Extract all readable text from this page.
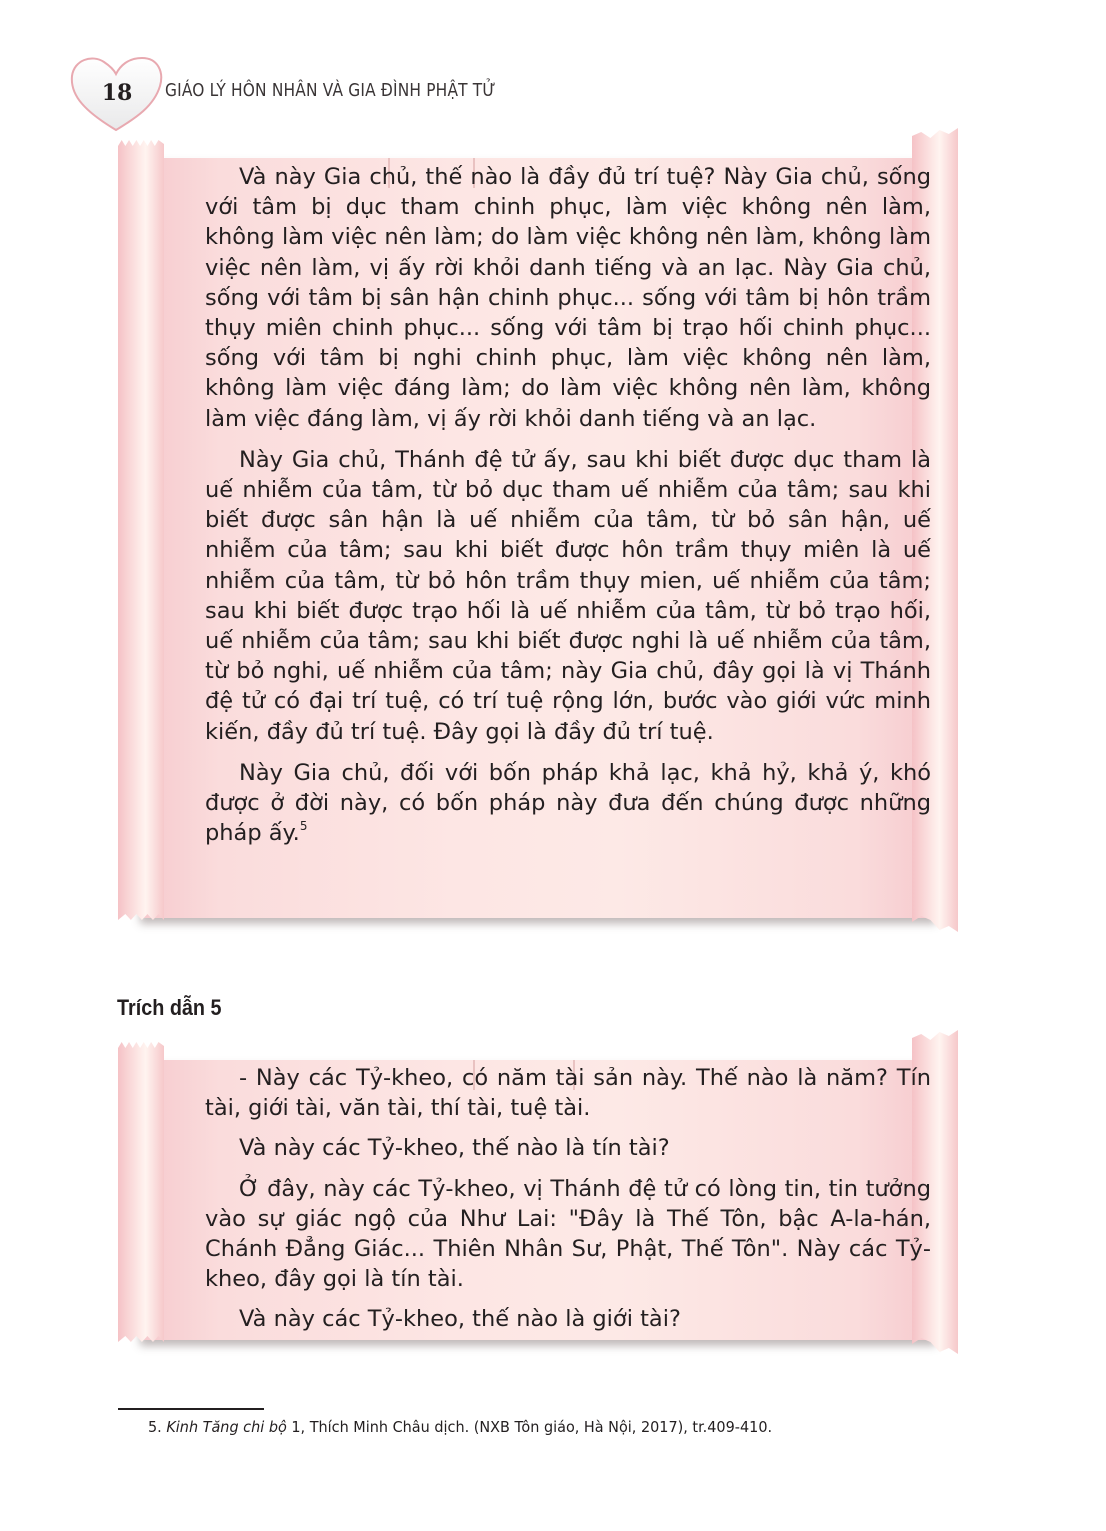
18 GIÁO LÝ HÔN NHÂN VÀ GIA ĐÌNH PHẬT TỬ

Và này Gia chủ, thế nào là đầy đủ trí tuệ? Này Gia chủ, sống với tâm bị dục tham chinh phục, làm việc không nên làm, không làm việc nên làm; do làm việc không nên làm, không làm việc nên làm, vị ấy rời khỏi danh tiếng và an lạc. Này Gia chủ, sống với tâm bị sân hận chinh phục... sống với tâm bị hôn trầm thụy miên chinh phục... sống với tâm bị trạo hối chinh phục... sống với tâm bị nghi chinh phục, làm việc không nên làm, không làm việc đáng làm; do làm việc không nên làm, không làm việc đáng làm, vị ấy rời khỏi danh tiếng và an lạc.

Này Gia chủ, Thánh đệ tử ấy, sau khi biết được dục tham là uế nhiễm của tâm, từ bỏ dục tham uế nhiễm của tâm; sau khi biết được sân hận là uế nhiễm của tâm, từ bỏ sân hận, uế nhiễm của tâm; sau khi biết được hôn trầm thụy miên là uế nhiễm của tâm, từ bỏ hôn trầm thụy mien, uế nhiễm của tâm; sau khi biết được trạo hối là uế nhiễm của tâm, từ bỏ trạo hối, uế nhiễm của tâm; sau khi biết được nghi là uế nhiễm của tâm, từ bỏ nghi, uế nhiễm của tâm; này Gia chủ, đây gọi là vị Thánh đệ tử có đại trí tuệ, có trí tuệ rộng lớn, bước vào giới vức minh kiến, đầy đủ trí tuệ. Đây gọi là đầy đủ trí tuệ.

Này Gia chủ, đối với bốn pháp khả lạc, khả hỷ, khả ý, khó được ở đời này, có bốn pháp này đưa đến chúng được những pháp ấy.$^5$

Trích dẫn 5

- Này các Tỷ-kheo, có năm tài sản này. Thế nào là năm? Tín tài, giới tài, văn tài, thí tài, tuệ tài.

Và này các Tỷ-kheo, thế nào là tín tài?

Ở đây, này các Tỷ-kheo, vị Thánh đệ tử có lòng tin, tin tưởng vào sự giác ngộ của Như Lai: "Đây là Thế Tôn, bậc A-la-hán, Chánh Đẳng Giác... Thiên Nhân Sư, Phật, Thế Tôn". Này các Tỷ-kheo, đây gọi là tín tài.

Và này các Tỷ-kheo, thế nào là giới tài?

5. Kinh Tăng chi bộ 1, Thích Minh Châu dịch. (NXB Tôn giáo, Hà Nội, 2017), tr.409-410.
